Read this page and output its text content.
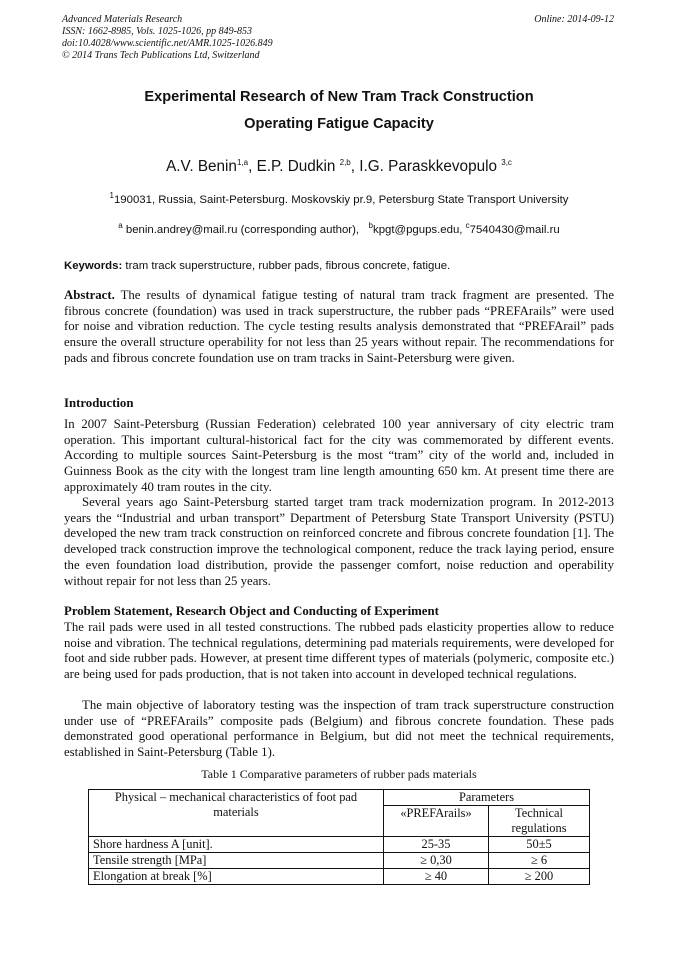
Advanced Materials Research
ISSN: 1662-8985, Vols. 1025-1026, pp 849-853
doi:10.4028/www.scientific.net/AMR.1025-1026.849
© 2014 Trans Tech Publications Ltd, Switzerland
Online: 2014-09-12
Experimental Research of New Tram Track Construction
Operating Fatigue Capacity
A.V. Benin$^{1,a}$, E.P. Dudkin $^{2,b}$, I.G. Paraskkevopulo $^{3,c}$
$^1$190031, Russia, Saint-Petersburg. Moskovskiy pr.9, Petersburg State Transport University
$^a$ benin.andrey@mail.ru (corresponding author), $^b$kpgt@pgups.edu, $^c$7540430@mail.ru
Keywords: tram track superstructure, rubber pads, fibrous concrete, fatigue.

Abstract. The results of dynamical fatigue testing of natural tram track fragment are presented. The fibrous concrete (foundation) was used in track superstructure, the rubber pads “PREFArails” were used for noise and vibration reduction. The cycle testing results analysis demonstrated that “PREFArail” pads ensure the overall structure operability for not less than 25 years without repair. The recommendations for pads and fibrous concrete foundation use on tram tracks in Saint-Petersburg were given.

Introduction

In 2007 Saint-Petersburg (Russian Federation) celebrated 100 year anniversary of city electric tram operation. This important cultural-historical fact for the city was commemorated by different events. According to multiple sources Saint-Petersburg is the most “tram” city of the world and, included in Guinness Book as the city with the longest tram line length amounting 650 km. At present time there are approximately 40 tram routes in the city.

Several years ago Saint-Petersburg started target tram track modernization program. In 2012-2013 years the “Industrial and urban transport” Department of Petersburg State Transport University (PSTU) developed the new tram track construction on reinforced concrete and fibrous concrete foundation [1]. The developed track construction improve the technological component, reduce the track laying period, ensure the even foundation load distribution, provide the passenger comfort, noise reduction and operability without repair for not less than 25 years.

Problem Statement, Research Object and Conducting of Experiment

The rail pads were used in all tested constructions. The rubbed pads elasticity properties allow to reduce noise and vibration. The technical regulations, determining pad materials requirements, were developed for foot and side rubber pads. However, at present time different types of materials (polymeric, composite etc.) are being used for pads production, that is not taken into account in developed technical regulations.

The main objective of laboratory testing was the inspection of tram track superstructure construction under use of “PREFArails” composite pads (Belgium) and fibrous concrete foundation. These pads demonstrated good operational performance in Belgium, but did not meet the technical requirements, established in Saint-Petersburg (Table 1).

Table 1 Comparative parameters of rubber pads materials
Physical – mechanical characteristics of foot pad materials	Parameters	
	«PREFArails»	Technical regulations
Shore hardness A [unit].	25-35	50±5
Tensile strength [MPa]	≥ 0,30	≥ 6
Elongation at break [%]	≥ 40	≥ 200
